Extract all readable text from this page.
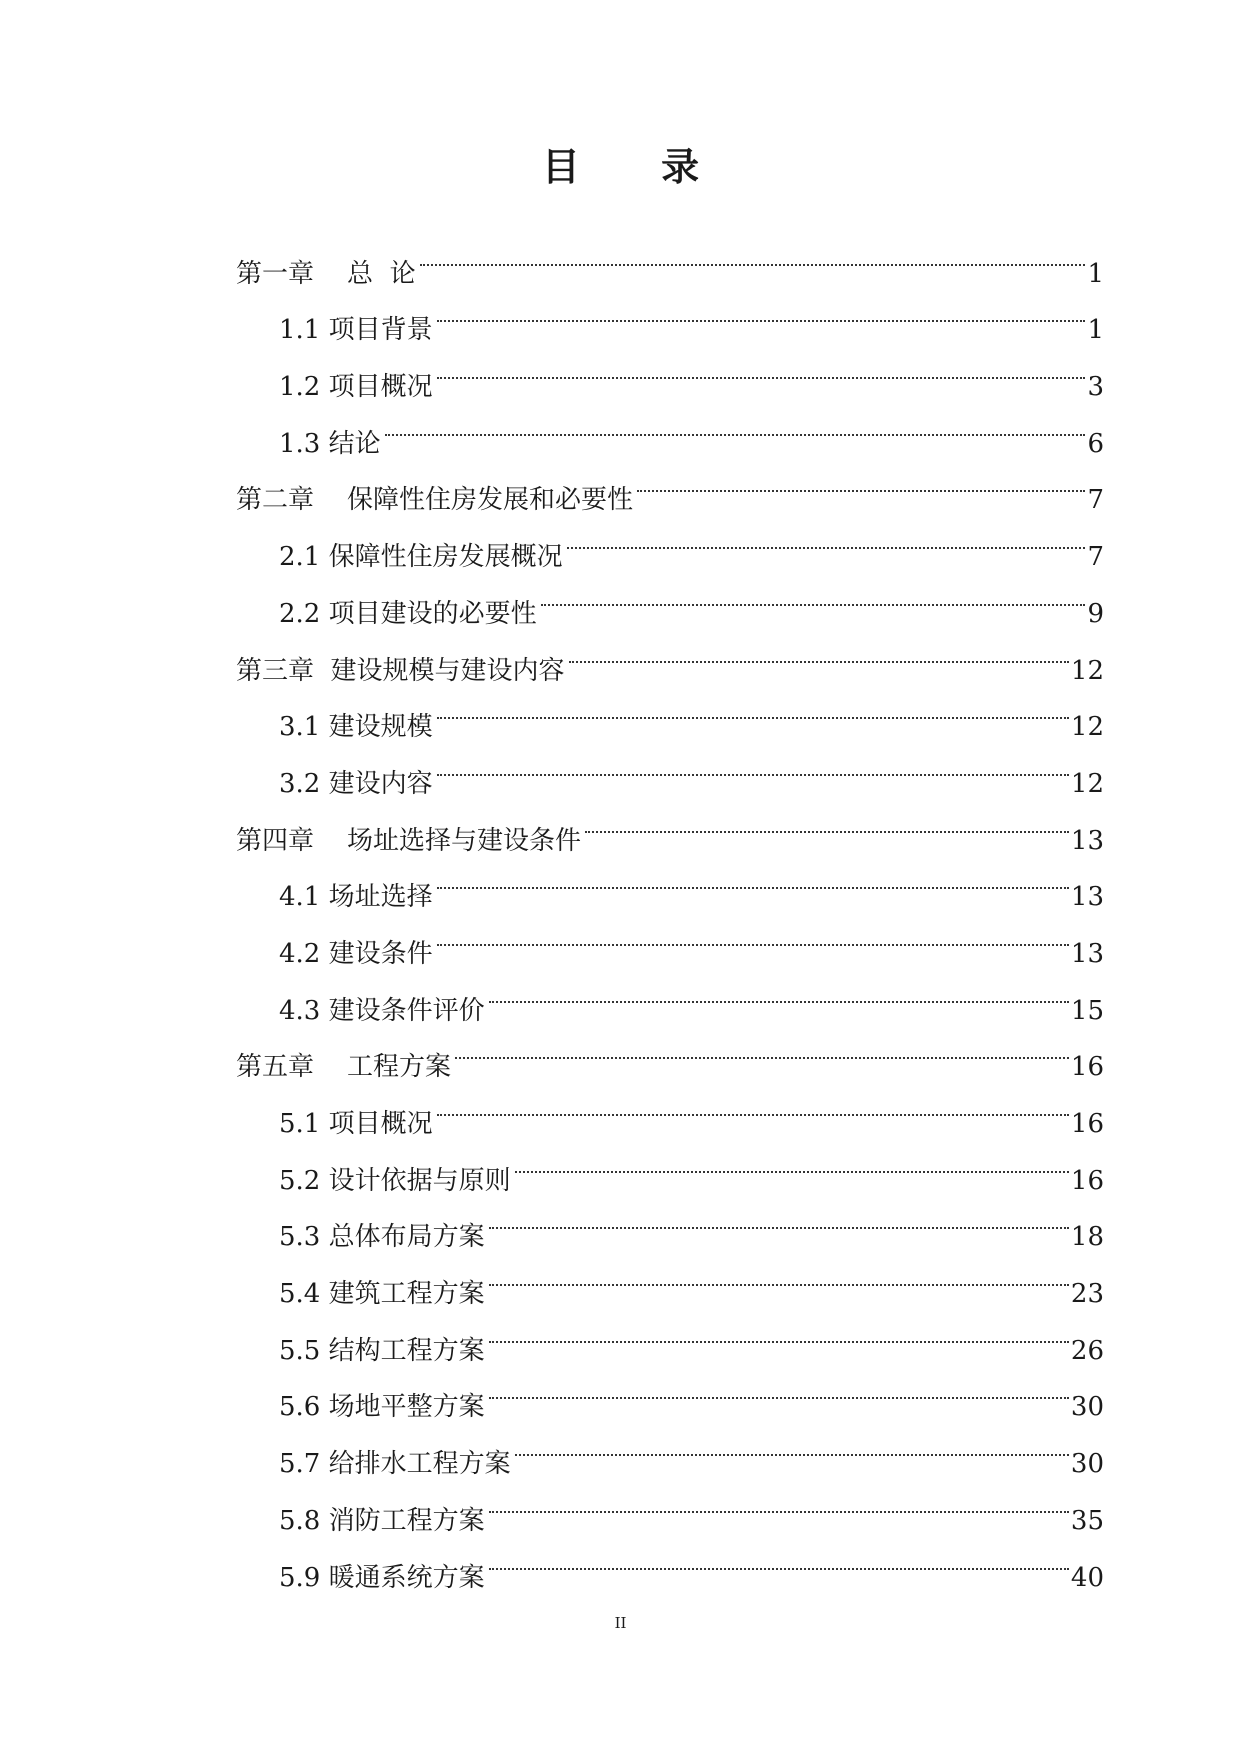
目 录
第一章    总  论	1
1.1 项目背景	1
1.2 项目概况	3
1.3 结论	6
第二章    保障性住房发展和必要性	7
2.1 保障性住房发展概况	7
2.2 项目建设的必要性	9
第三章  建设规模与建设内容	12
3.1 建设规模	12
3.2 建设内容	12
第四章    场址选择与建设条件	13
4.1 场址选择	13
4.2 建设条件	13
4.3 建设条件评价	15
第五章    工程方案	16
5.1 项目概况	16
5.2 设计依据与原则	16
5.3 总体布局方案	18
5.4 建筑工程方案	23
5.5 结构工程方案	26
5.6 场地平整方案	30
5.7 给排水工程方案	30
5.8 消防工程方案	35
5.9 暖通系统方案	40
II
